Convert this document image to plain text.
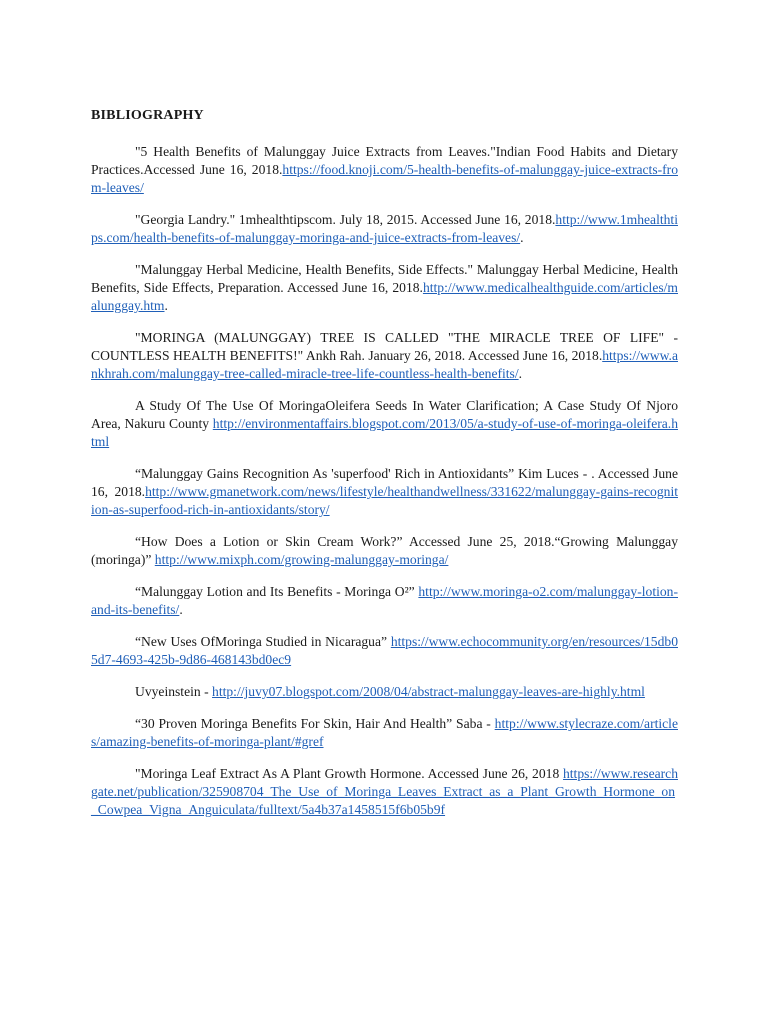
BIBLIOGRAPHY

"5 Health Benefits of Malunggay Juice Extracts from Leaves."Indian Food Habits and Dietary Practices.Accessed June 16, 2018.https://food.knoji.com/5-health-benefits-of-malunggay-juice-extracts-from-leaves/

"Georgia Landry." 1mhealthtipscom. July 18, 2015. Accessed June 16, 2018.http://www.1mhealthtips.com/health-benefits-of-malunggay-moringa-and-juice-extracts-from-leaves/.

"Malunggay Herbal Medicine, Health Benefits, Side Effects." Malunggay Herbal Medicine, Health Benefits, Side Effects, Preparation. Accessed June 16, 2018.http://www.medicalhealthguide.com/articles/malunggay.htm.

"MORINGA (MALUNGGAY) TREE IS CALLED "THE MIRACLE TREE OF LIFE" - COUNTLESS HEALTH BENEFITS!" Ankh Rah. January 26, 2018. Accessed June 16, 2018.https://www.ankhrah.com/malunggay-tree-called-miracle-tree-life-countless-health-benefits/.

A Study Of The Use Of MoringaOleifera Seeds In Water Clarification; A Case Study Of Njoro Area, Nakuru County http://environmentaffairs.blogspot.com/2013/05/a-study-of-use-of-moringa-oleifera.html

“Malunggay Gains Recognition As 'superfood' Rich in Antioxidants” Kim Luces - . Accessed June 16, 2018.http://www.gmanetwork.com/news/lifestyle/healthandwellness/331622/malunggay-gains-recognition-as-superfood-rich-in-antioxidants/story/

“How Does a Lotion or Skin Cream Work?” Accessed June 25, 2018.“Growing Malunggay (moringa)” http://www.mixph.com/growing-malunggay-moringa/

“Malunggay Lotion and Its Benefits - Moringa O²” http://www.moringa-o2.com/malunggay-lotion-and-its-benefits/.

“New Uses OfMoringa Studied in Nicaragua” https://www.echocommunity.org/en/resources/15db05d7-4693-425b-9d86-468143bd0ec9

Uvyeinstein - http://juvy07.blogspot.com/2008/04/abstract-malunggay-leaves-are-highly.html

“30 Proven Moringa Benefits For Skin, Hair And Health” Saba - http://www.stylecraze.com/articles/amazing-benefits-of-moringa-plant/#gref

"Moringa Leaf Extract As A Plant Growth Hormone. Accessed June 26, 2018 https://www.researchgate.net/publication/325908704_The_Use_of_Moringa_Leaves_Extract_as_a_Plant_Growth_Hormone_on_Cowpea_Vigna_Anguiculata/fulltext/5a4b37a1458515f6b05b9f
